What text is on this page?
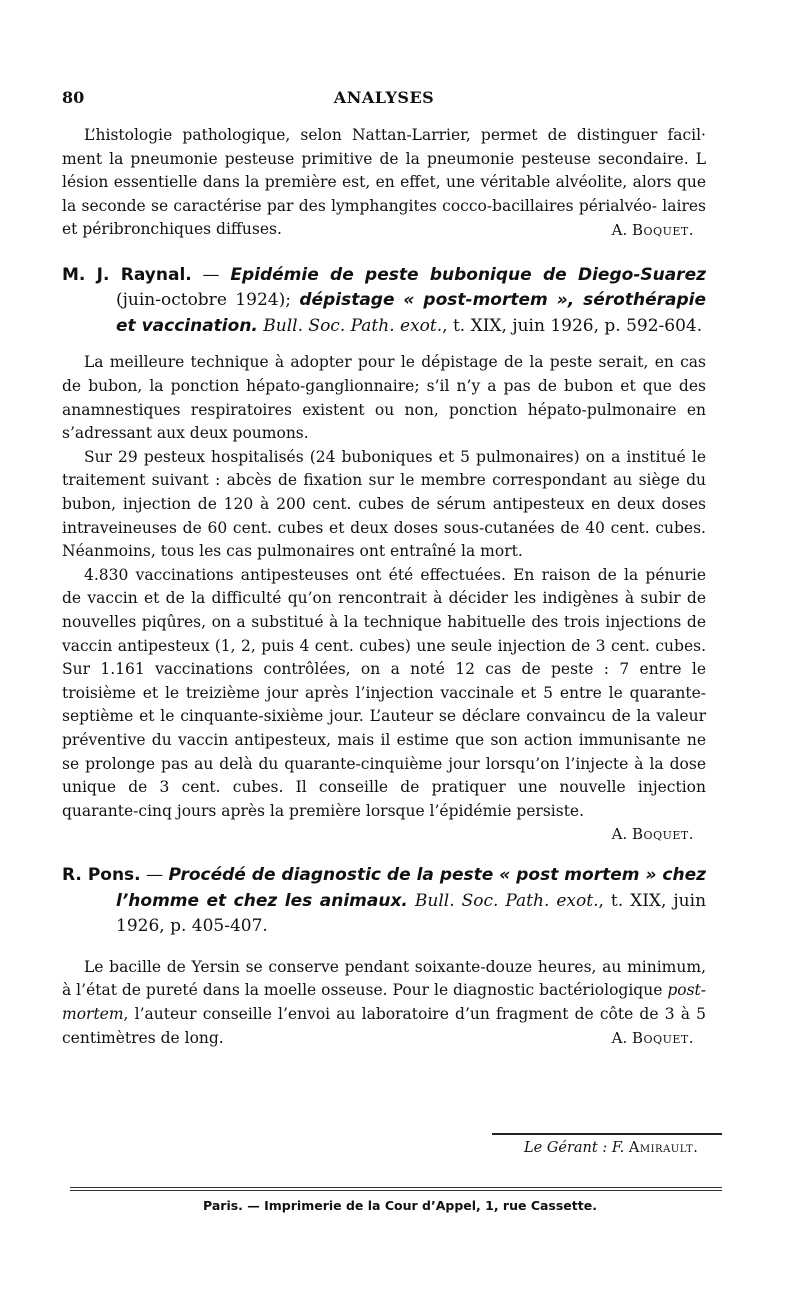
80	ANALYSES

L’histologie pathologique, selon Nattan-Larrier, permet de distinguer facil· ment la pneumonie pesteuse primitive de la pneumonie pesteuse secondaire. L lésion essentielle dans la première est, en effet, une véritable alvéolite, alors que la seconde se caractérise par des lymphangites cocco-bacillaires périalvéo- laires et péribronchiques diffuses.	A. Boquet.

M. J. Raynal. — Epidémie de peste bubonique de Diego-Suarez (juin-octobre 1924); dépistage « post-mortem », sérothérapie et vaccination. Bull. Soc. Path. exot., t. XIX, juin 1926, p. 592-604.

La meilleure technique à adopter pour le dépistage de la peste serait, en cas de bubon, la ponction hépato-ganglionnaire; s’il n’y a pas de bubon et que des anamnestiques respiratoires existent ou non, ponction hépato-pulmonaire en s’adressant aux deux poumons.

Sur 29 pesteux hospitalisés (24 buboniques et 5 pulmonaires) on a institué le traitement suivant : abcès de fixation sur le membre correspondant au siège du bubon, injection de 120 à 200 cent. cubes de sérum antipesteux en deux doses intraveineuses de 60 cent. cubes et deux doses sous-cutanées de 40 cent. cubes. Néanmoins, tous les cas pulmonaires ont entraîné la mort.

4.830 vaccinations antipesteuses ont été effectuées. En raison de la pénurie de vaccin et de la difficulté qu’on rencontrait à décider les indigènes à subir de nouvelles piqûres, on a substitué à la technique habituelle des trois injections de vaccin antipesteux (1, 2, puis 4 cent. cubes) une seule injection de 3 cent. cubes. Sur 1.161 vaccinations contrôlées, on a noté 12 cas de peste : 7 entre le troisième et le treizième jour après l’injection vaccinale et 5 entre le quarante-septième et le cinquante-sixième jour. L’auteur se déclare convaincu de la valeur préventive du vaccin antipesteux, mais il estime que son action immunisante ne se prolonge pas au delà du quarante-cinquième jour lorsqu’on l’injecte à la dose unique de 3 cent. cubes. Il conseille de pratiquer une nouvelle injection quarante-cinq jours après la première lorsque l’épidémie persiste.

A. Boquet.

R. Pons. — Procédé de diagnostic de la peste « post mortem » chez l’homme et chez les animaux. Bull. Soc. Path. exot., t. XIX, juin 1926, p. 405-407.

Le bacille de Yersin se conserve pendant soixante-douze heures, au minimum, à l’état de pureté dans la moelle osseuse. Pour le diagnostic bactériologique post-mortem, l’auteur conseille l’envoi au laboratoire d’un fragment de côte de 3 à 5 centimètres de long.	A. Boquet.

Le Gérant : F. Amirault.
Paris. — Imprimerie de la Cour d’Appel, 1, rue Cassette.
